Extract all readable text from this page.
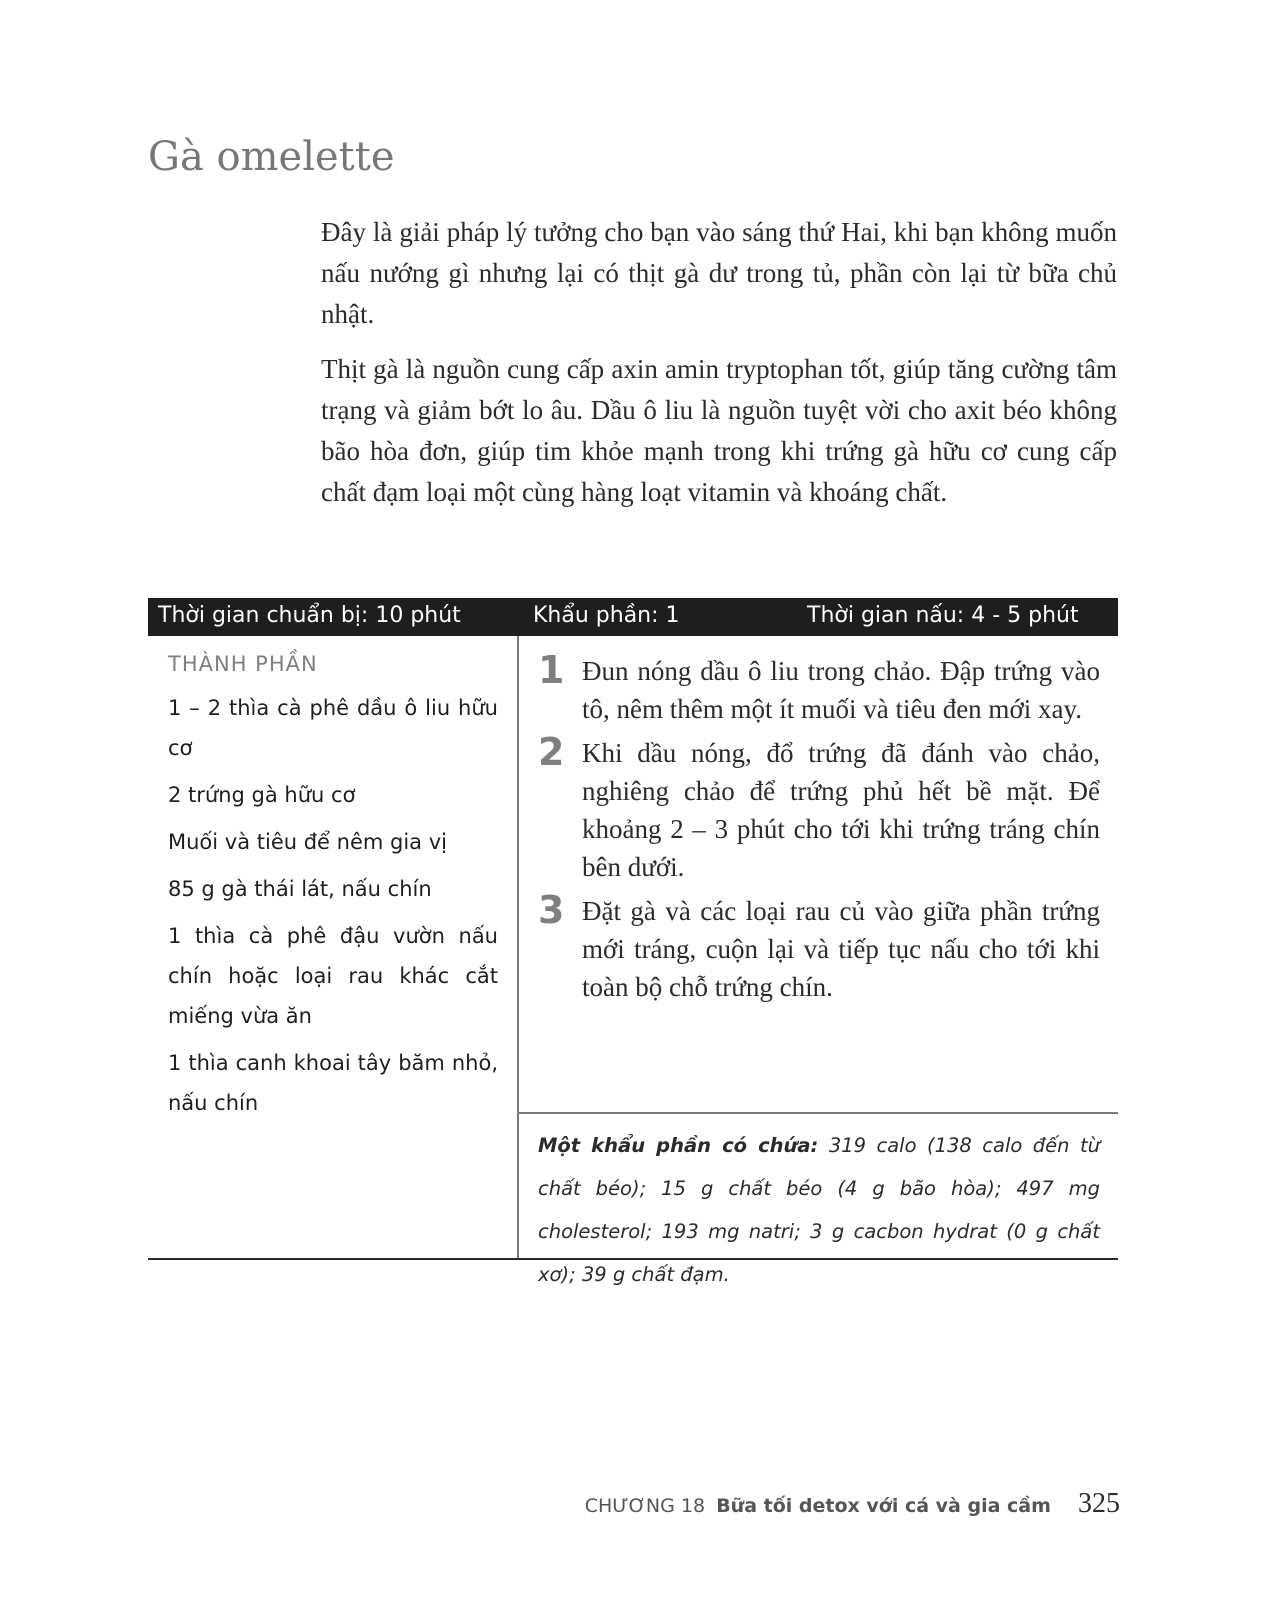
Gà omelette

Đây là giải pháp lý tưởng cho bạn vào sáng thứ Hai, khi bạn không muốn nấu nướng gì nhưng lại có thịt gà dư trong tủ, phần còn lại từ bữa chủ nhật.

Thịt gà là nguồn cung cấp axin amin tryptophan tốt, giúp tăng cường tâm trạng và giảm bớt lo âu. Dầu ô liu là nguồn tuyệt vời cho axit béo không bão hòa đơn, giúp tim khỏe mạnh trong khi trứng gà hữu cơ cung cấp chất đạm loại một cùng hàng loạt vitamin và khoáng chất.

Thời gian chuẩn bị: 10 phút	Khẩu phần: 1	Thời gian nấu: 4 - 5 phút
THÀNH PHẦN
1 – 2 thìa cà phê dầu ô liu hữu cơ
2 trứng gà hữu cơ
Muối và tiêu để nêm gia vị
85 g gà thái lát, nấu chín
1 thìa cà phê đậu vườn nấu chín hoặc loại rau khác cắt miếng vừa ăn
1 thìa canh khoai tây băm nhỏ, nấu chín
1 Đun nóng dầu ô liu trong chảo. Đập trứng vào tô, nêm thêm một ít muối và tiêu đen mới xay.
2 Khi dầu nóng, đổ trứng đã đánh vào chảo, nghiêng chảo để trứng phủ hết bề mặt. Để khoảng 2 – 3 phút cho tới khi trứng tráng chín bên dưới.
3 Đặt gà và các loại rau củ vào giữa phần trứng mới tráng, cuộn lại và tiếp tục nấu cho tới khi toàn bộ chỗ trứng chín.
Một khẩu phần có chứa: 319 calo (138 calo đến từ chất béo); 15 g chất béo (4 g bão hòa); 497 mg cholesterol; 193 mg natri; 3 g cacbon hydrat (0 g chất xơ); 39 g chất đạm.
CHƯƠNG 18 Bữa tối detox với cá và gia cầm 325
